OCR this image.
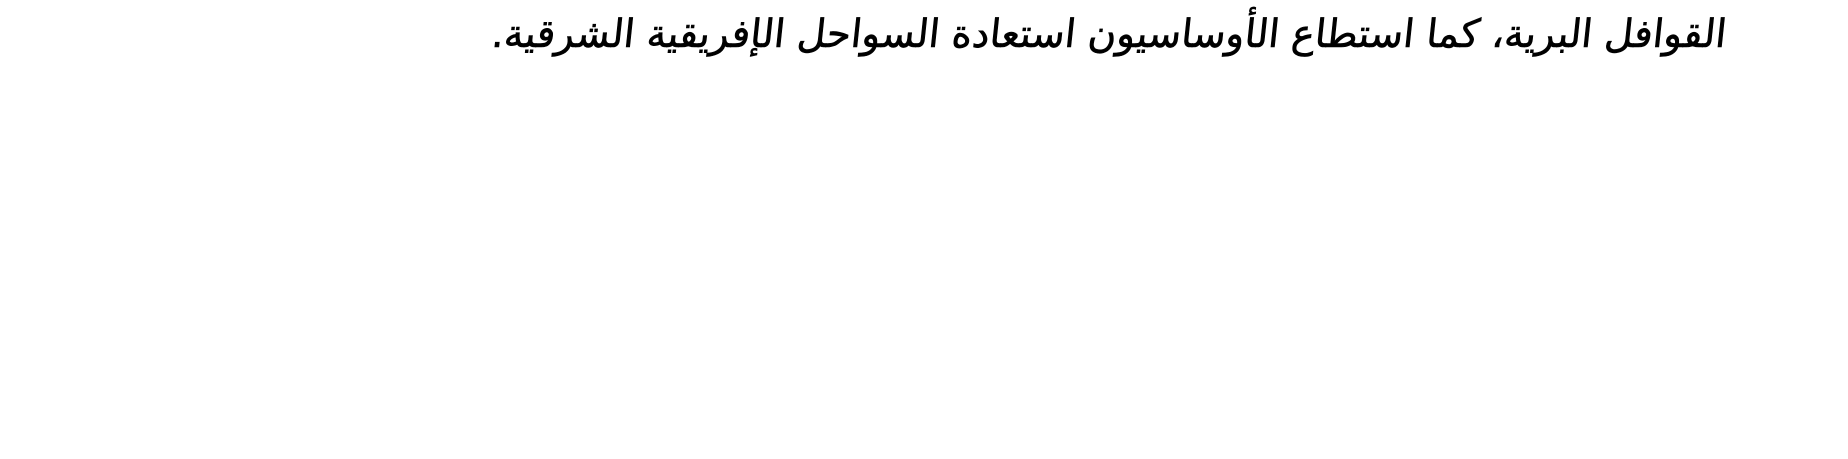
القوافل البرية، كما استطاع الأوساسيون استعادة السواحل الإفريقية الشرقية.
